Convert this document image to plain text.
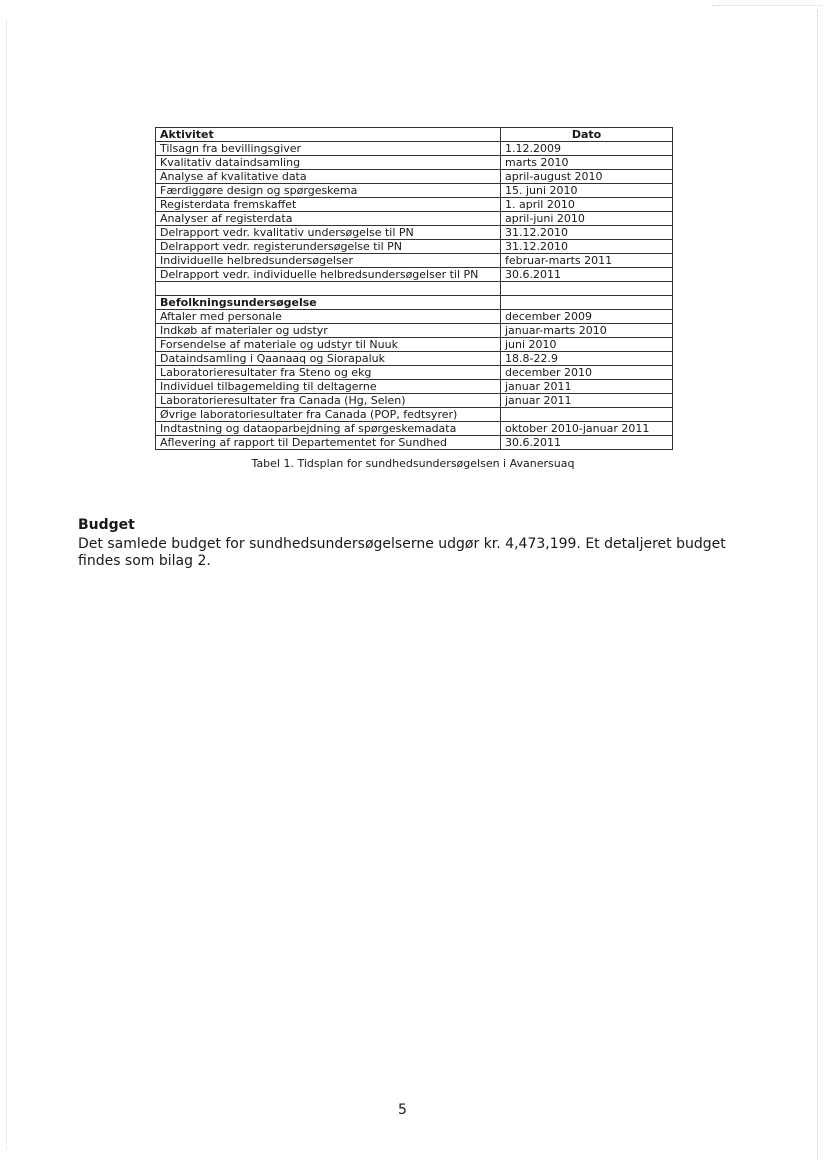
Aktivitet	Dato
Tilsagn fra bevillingsgiver	1.12.2009
Kvalitativ dataindsamling	marts 2010
Analyse af kvalitative data	april-august 2010
Færdiggøre design og spørgeskema	15. juni 2010
Registerdata fremskaffet	1. april 2010
Analyser af registerdata	april-juni 2010
Delrapport vedr. kvalitativ undersøgelse til PN	31.12.2010
Delrapport vedr. registerundersøgelse til PN	31.12.2010
Individuelle helbredsundersøgelser	februar-marts 2011
Delrapport vedr. individuelle helbredsundersøgelser til PN	30.6.2011

Befolkningsundersøgelse	
Aftaler med personale	december 2009
Indkøb af materialer og udstyr	januar-marts 2010
Forsendelse af materiale og udstyr til Nuuk	juni 2010
Dataindsamling i Qaanaaq og Siorapaluk	18.8-22.9
Laboratorieresultater fra Steno og ekg	december 2010
Individuel tilbagemelding til deltagerne	januar 2011
Laboratorieresultater fra Canada (Hg, Selen)	januar 2011
Øvrige laboratoriesultater fra Canada (POP, fedtsyrer)	
Indtastning og dataoparbejdning af spørgeskemadata	oktober 2010-januar 2011
Aflevering af rapport til Departementet for Sundhed	30.6.2011
Tabel 1. Tidsplan for sundhedsundersøgelsen i Avanersuaq
Budget
Det samlede budget for sundhedsundersøgelserne udgør kr. 4,473,199. Et detaljeret budget findes som bilag 2.
5
